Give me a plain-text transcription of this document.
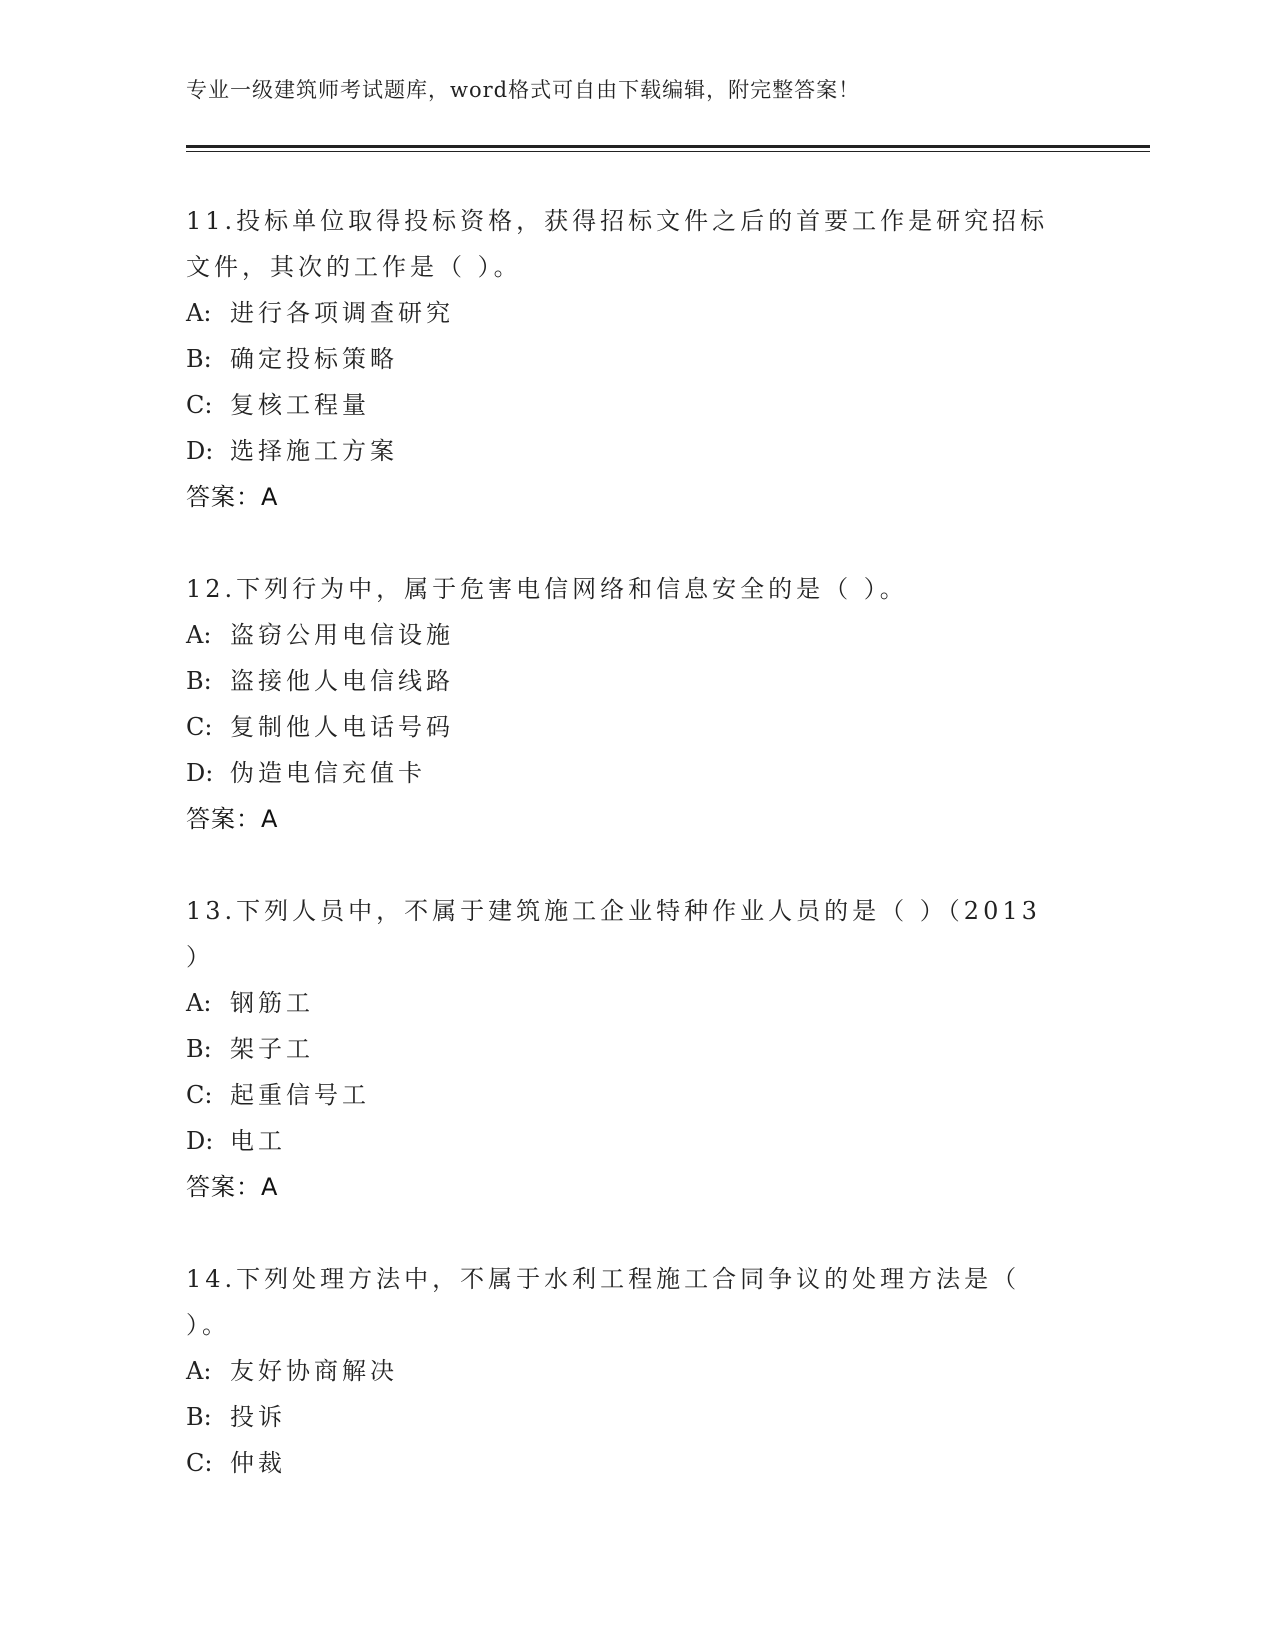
专业一级建筑师考试题库，word格式可自由下载编辑，附完整答案！
11.投标单位取得投标资格，获得招标文件之后的首要工作是研究招标
文件，其次的工作是（ ）。
A: 进行各项调查研究
B: 确定投标策略
C: 复核工程量
D: 选择施工方案
答案：A
12.下列行为中，属于危害电信网络和信息安全的是（ ）。
A: 盗窃公用电信设施
B: 盗接他人电信线路
C: 复制他人电话号码
D: 伪造电信充值卡
答案：A
13.下列人员中，不属于建筑施工企业特种作业人员的是（ ）（2013
）
A: 钢筋工
B: 架子工
C: 起重信号工
D: 电工
答案：A
14.下列处理方法中，不属于水利工程施工合同争议的处理方法是（
）。
A: 友好协商解决
B: 投诉
C: 仲裁
